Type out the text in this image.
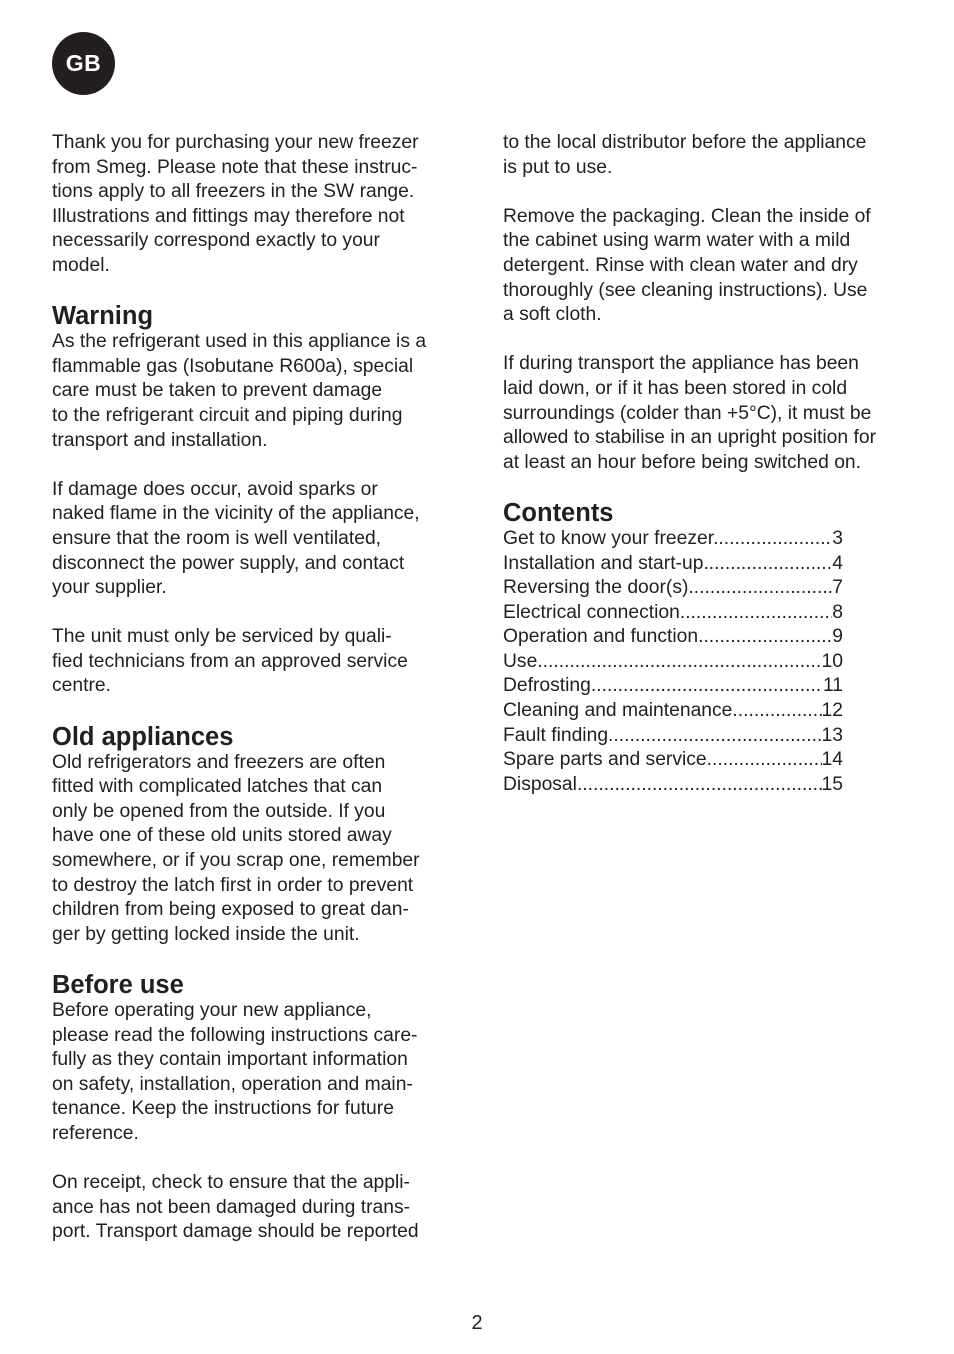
GB
Thank you for purchasing your new freezer
from Smeg. Please note that these instruc-
tions apply to all freezers in the SW range.
Illustrations and fittings may therefore not
necessarily correspond exactly to your
model.
Warning
As the refrigerant used in this appliance is a
flammable gas (Isobutane R600a), special
care must be taken to prevent damage
to the refrigerant circuit and piping during
transport and installation.
If damage does occur, avoid sparks or
naked flame in the vicinity of the appliance,
ensure that the room is well ventilated,
disconnect the power supply, and contact
your supplier.
The unit must only be serviced by quali-
fied technicians from an approved service
centre.
Old appliances
Old refrigerators and freezers are often
fitted with complicated latches that can
only be opened from the outside. If you
have one of these old units stored away
somewhere, or if you scrap one, remember
to destroy the latch first in order to prevent
children from being exposed to great dan-
ger by getting locked inside the unit.
Before use
Before operating your new appliance,
please read the following instructions care-
fully as they contain important information
on safety, installation, operation and main-
tenance. Keep the instructions for future
reference.
On receipt, check to ensure that the appli-
ance has not been damaged during trans-
port. Transport damage should be reported
to the local distributor before the appliance
is put to use.
Remove the packaging. Clean the inside of
the cabinet using warm water with a mild
detergent. Rinse with clean water and dry
thoroughly (see cleaning instructions). Use
a soft cloth.
If during transport the appliance has been
laid down, or if it has been stored in cold
surroundings (colder than +5°C), it must be
allowed to stabilise in an upright position for
at least an hour before being switched on.
Contents
Get to know your freezer .....	3
Installation and start-up .....	4
Reversing the door(s) .....	7
Electrical connection .....	8
Operation and function .....	9
Use .....	10
Defrosting .....	11
Cleaning and maintenance .....	12
Fault finding .....	13
Spare parts and service .....	14
Disposal .....	15
2
